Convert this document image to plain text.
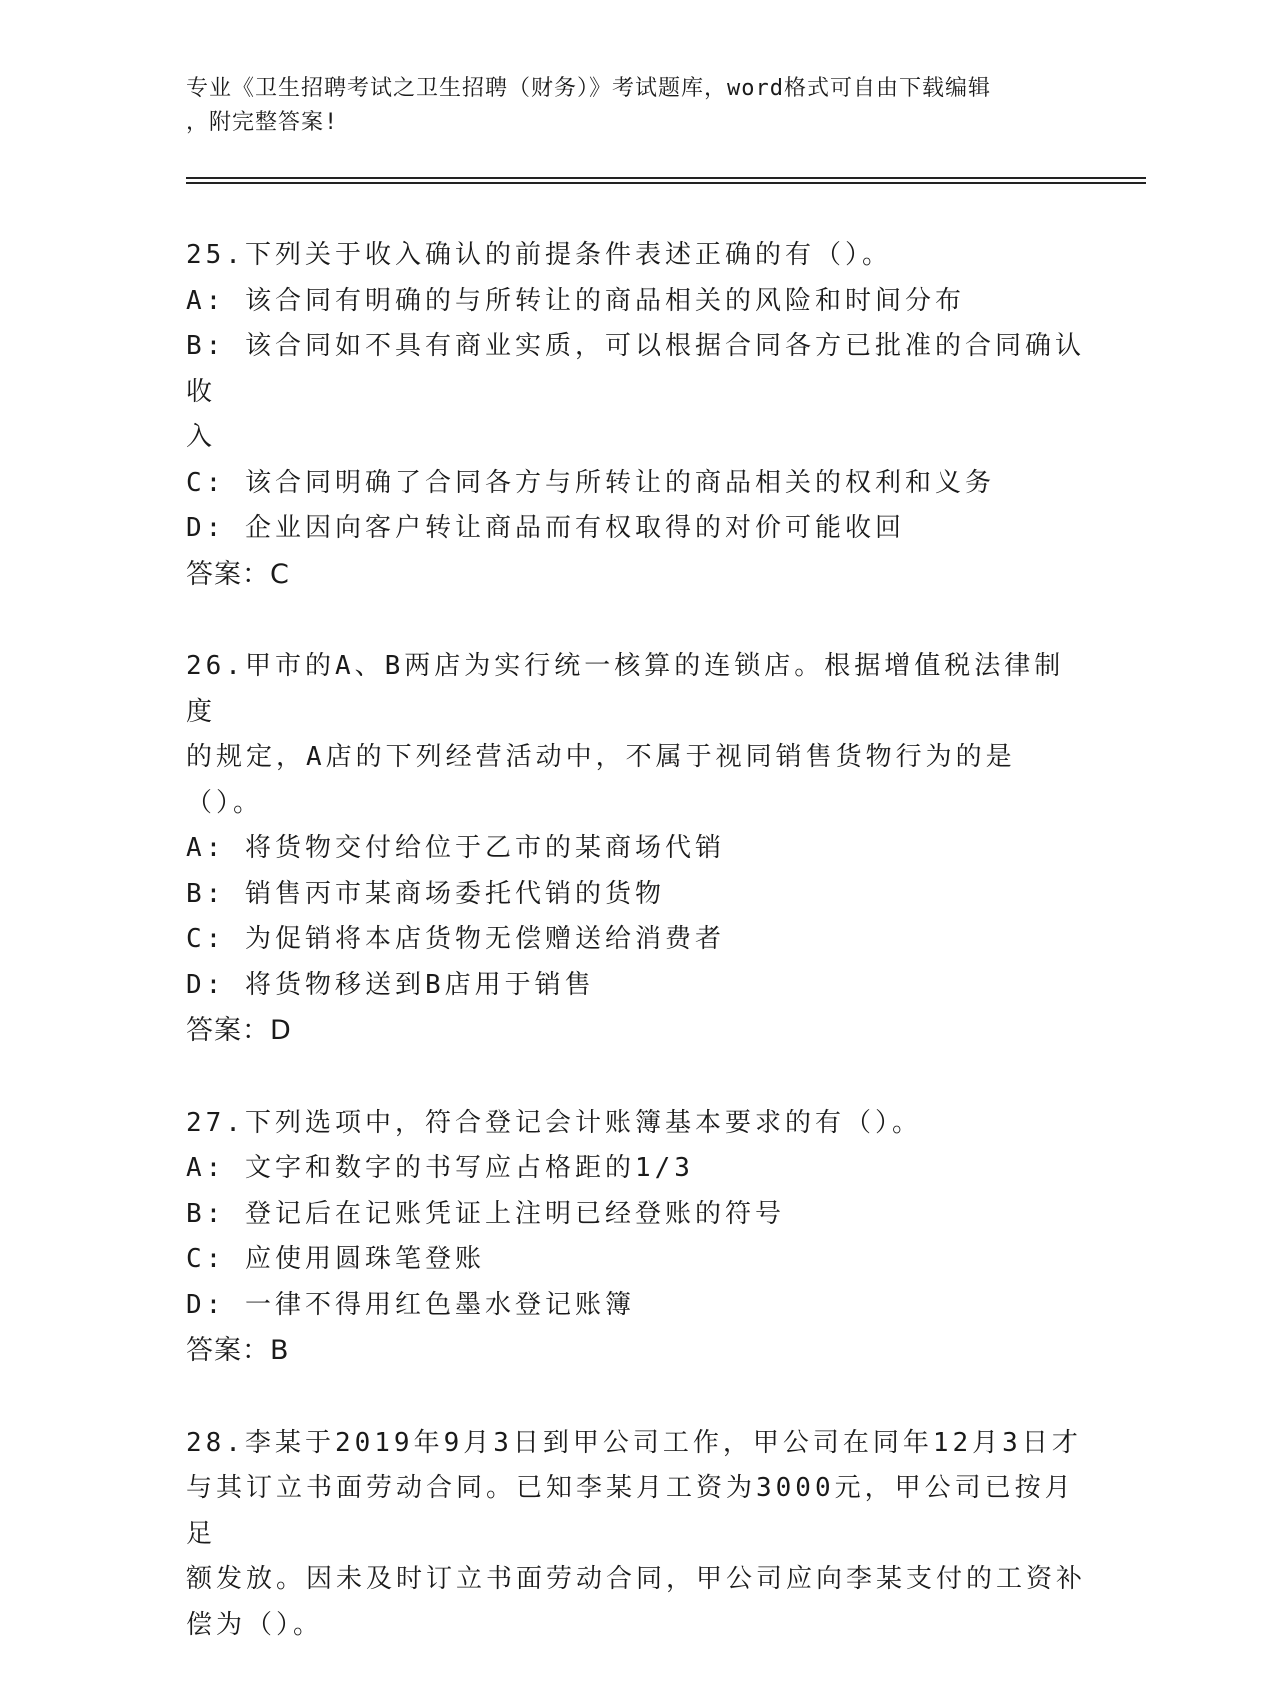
专业《卫生招聘考试之卫生招聘（财务）》考试题库，word格式可自由下载编辑
，附完整答案!
25.下列关于收入确认的前提条件表述正确的有（）。
A: 该合同有明确的与所转让的商品相关的风险和时间分布
B: 该合同如不具有商业实质，可以根据合同各方已批准的合同确认收
入
C: 该合同明确了合同各方与所转让的商品相关的权利和义务
D: 企业因向客户转让商品而有权取得的对价可能收回
答案：C
26.甲市的A、B两店为实行统一核算的连锁店。根据增值税法律制度
的规定，A店的下列经营活动中，不属于视同销售货物行为的是（）。
A: 将货物交付给位于乙市的某商场代销
B: 销售丙市某商场委托代销的货物
C: 为促销将本店货物无偿赠送给消费者
D: 将货物移送到B店用于销售
答案：D
27.下列选项中，符合登记会计账簿基本要求的有（）。
A: 文字和数字的书写应占格距的1/3
B: 登记后在记账凭证上注明已经登账的符号
C: 应使用圆珠笔登账
D: 一律不得用红色墨水登记账簿
答案：B
28.李某于2019年9月3日到甲公司工作，甲公司在同年12月3日才
与其订立书面劳动合同。已知李某月工资为3000元，甲公司已按月足
额发放。因未及时订立书面劳动合同，甲公司应向李某支付的工资补
偿为（）。
